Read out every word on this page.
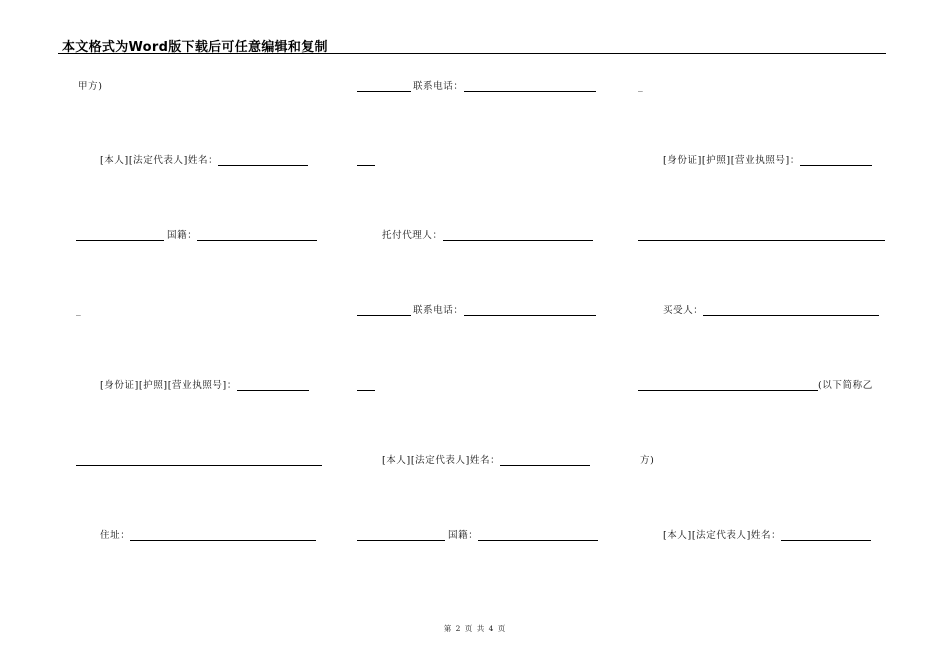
本文格式为Word版下载后可任意编辑和复制
甲方)
[本人][法定代表人]姓名：
国籍：
_
[身份证][护照][营业执照号]：
住址：
联系电话：
托付代理人：
联系电话：
[本人][法定代表人]姓名：
国籍：
_
[身份证][护照][营业执照号]：
买受人：
(以下简称乙
方)
[本人][法定代表人]姓名：
第 2 页 共 4 页
